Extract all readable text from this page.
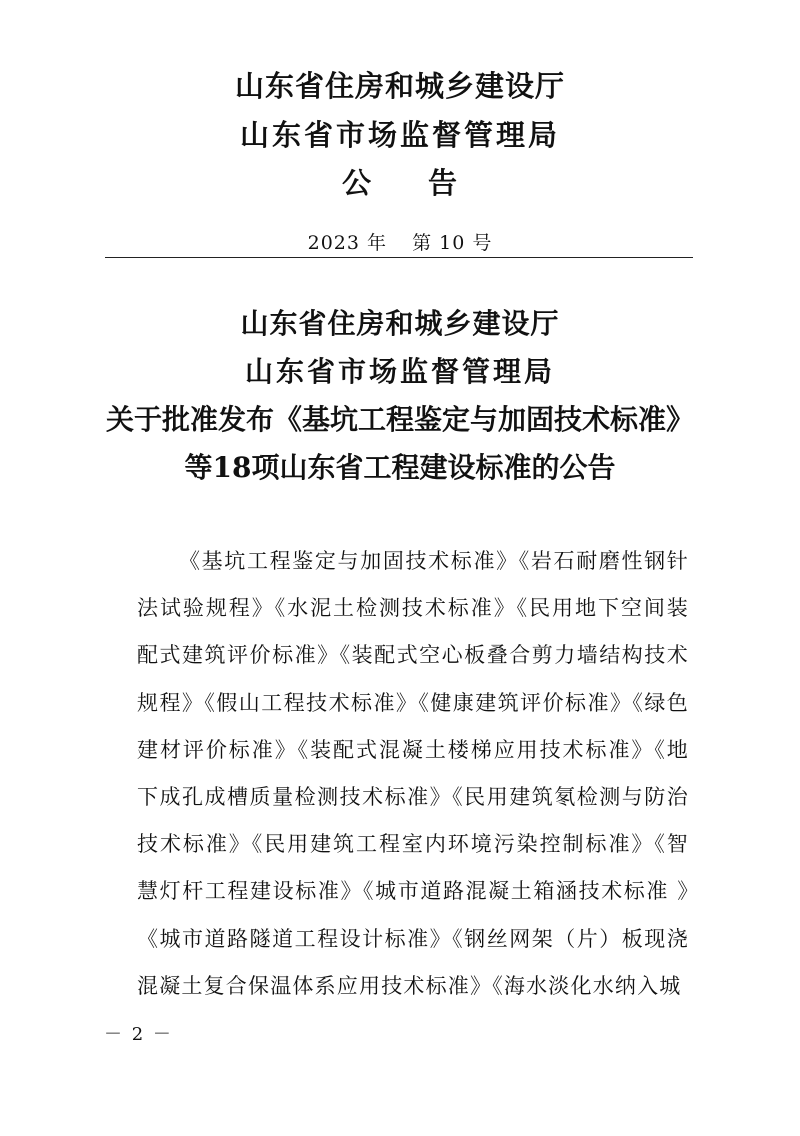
山东省住房和城乡建设厅
山东省市场监督管理局
公 告
2023 年 第 10 号
山东省住房和城乡建设厅
山东省市场监督管理局
关于批准发布《基坑工程鉴定与加固技术标准》
等18项山东省工程建设标准的公告

《基坑工程鉴定与加固技术标准》《岩石耐磨性钢针法试验规程》《水泥土检测技术标准》《民用地下空间装配式建筑评价标准》《装配式空心板叠合剪力墙结构技术规程》《假山工程技术标准》《健康建筑评价标准》《绿色建材评价标准》《装配式混凝土楼梯应用技术标准》《地下成孔成槽质量检测技术标准》《民用建筑氡检测与防治技术标准》《民用建筑工程室内环境污染控制标准》《智慧灯杆工程建设标准》《城市道路混凝土箱涵技术标准 》《城市道路隧道工程设计标准》《钢丝网架（片）板现浇混凝土复合保温体系应用技术标准》《海水淡化水纳入城

－ 2 －
